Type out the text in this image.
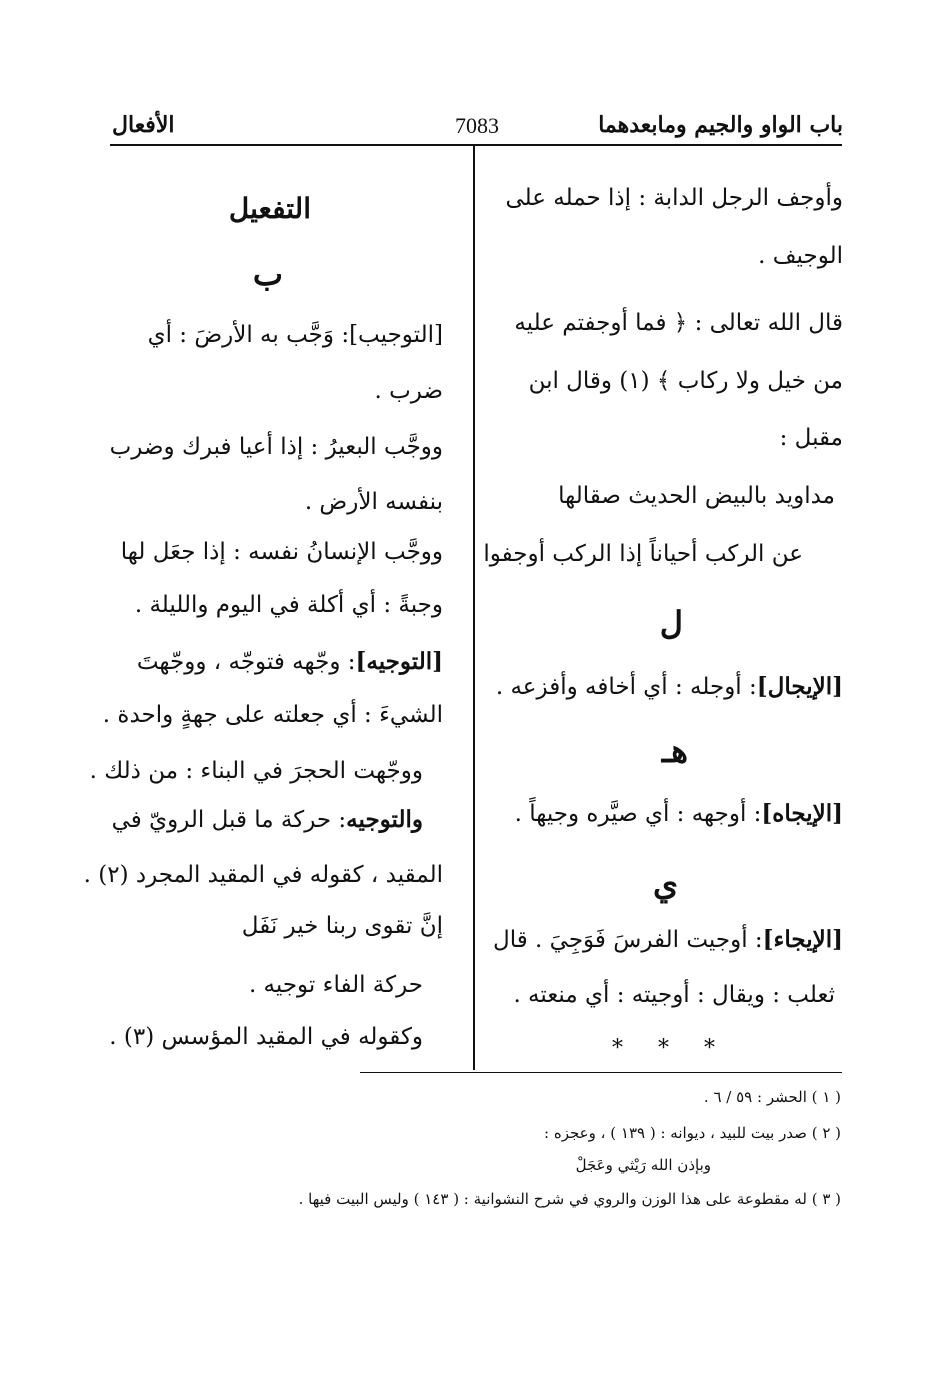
باب الواو والجيم ومابعدهما
7083
الأفعال
وأوجف الرجل الدابة : إذا حمله على
الوجيف .
قال الله تعالى : ﴿ فما أوجفتم عليه
من خيل ولا ركاب ﴾ (١) وقال ابن
مقبل :
مداويد بالبيض الحديث صقالها
عن الركب أحياناً إذا الركب أوجفوا
ل
[الإيجال]: أوجله : أي أخافه وأفزعه .
هـ
[الإيجاه]: أوجهه : أي صيَّره وجيهاً .
ي
[الإيجاء]: أوجيت الفرسَ فَوَجِيَ . قال
ثعلب : ويقال : أوجيته : أي منعته .
* * *
التفعيل
ب
[التوجيب]: وَجَّب به الأرضَ : أي
ضرب .
ووجَّب البعيرُ : إذا أعيا فبرك وضرب
بنفسه الأرض .
ووجَّب الإنسانُ نفسه : إذا جعَل لها
وجبةً : أي أكلة في اليوم والليلة .
[التوجيه]: وجّهه فتوجّه ، ووجّهتَ
الشيءَ : أي جعلته على جهةٍ واحدة .
ووجّهت الحجرَ في البناء : من ذلك .
والتوجيه: حركة ما قبل الرويّ في
المقيد ، كقوله في المقيد المجرد (٢) .
إنَّ تقوى ربنا خير نَفَل
حركة الفاء توجيه .
وكقوله في المقيد المؤسس (٣) .
( ١ ) الحشر : ٥٩ / ٦ .
( ٢ ) صدر بيت للبيد ، ديوانه : ( ١٣٩ ) ، وعجزه :
وبإذن الله رَيْثي وعَجَلْ
( ٣ ) له مقطوعة على هذا الوزن والروي في شرح النشوانية : ( ١٤٣ ) وليس البيت فيها .
